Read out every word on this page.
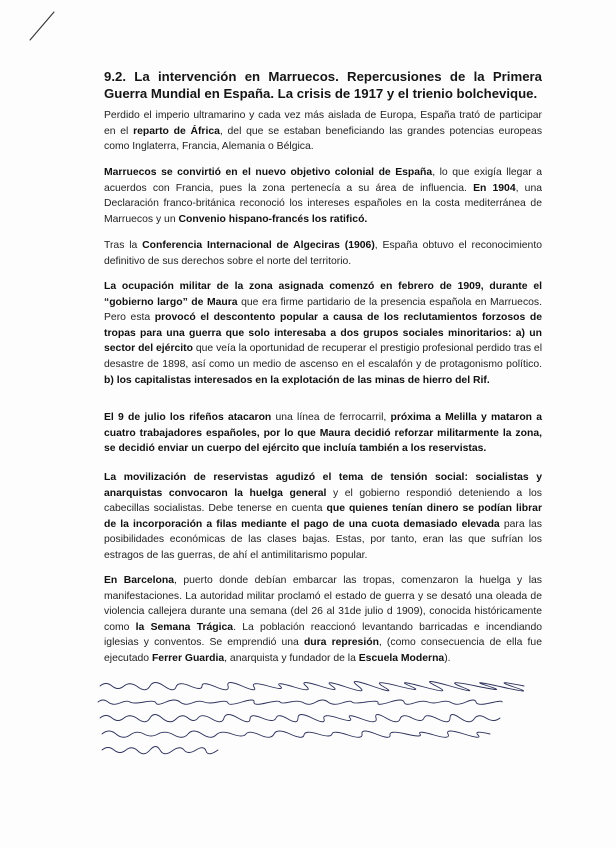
9.2. La intervención en Marruecos. Repercusiones de la Primera Guerra Mundial en España. La crisis de 1917 y el trienio bolchevique.

Perdido el imperio ultramarino y cada vez más aislada de Europa, España trató de participar en el reparto de África, del que se estaban beneficiando las grandes potencias europeas como Inglaterra, Francia, Alemania o Bélgica.

Marruecos se convirtió en el nuevo objetivo colonial de España, lo que exigía llegar a acuerdos con Francia, pues la zona pertenecía a su área de influencia. En 1904, una Declaración franco-británica reconoció los intereses españoles en la costa mediterránea de Marruecos y un Convenio hispano-francés los ratificó.

Tras la Conferencia Internacional de Algeciras (1906), España obtuvo el reconocimiento definitivo de sus derechos sobre el norte del territorio.

La ocupación militar de la zona asignada comenzó en febrero de 1909, durante el “gobierno largo” de Maura que era firme partidario de la presencia española en Marruecos. Pero esta provocó el descontento popular a causa de los reclutamientos forzosos de tropas para una guerra que solo interesaba a dos grupos sociales minoritarios: a) un sector del ejército que veía la oportunidad de recuperar el prestigio profesional perdido tras el desastre de 1898, así como un medio de ascenso en el escalafón y de protagonismo político. b) los capitalistas interesados en la explotación de las minas de hierro del Rif.

El 9 de julio los rifeños atacaron una línea de ferrocarril, próxima a Melilla y mataron a cuatro trabajadores españoles, por lo que Maura decidió reforzar militarmente la zona, se decidió enviar un cuerpo del ejército que incluía también a los reservistas.

La movilización de reservistas agudizó el tema de tensión social: socialistas y anarquistas convocaron la huelga general y el gobierno respondió deteniendo a los cabecillas socialistas. Debe tenerse en cuenta que quienes tenían dinero se podían librar de la incorporación a filas mediante el pago de una cuota demasiado elevada para las posibilidades económicas de las clases bajas. Estas, por tanto, eran las que sufrían los estragos de las guerras, de ahí el antimilitarismo popular.

En Barcelona, puerto donde debían embarcar las tropas, comenzaron la huelga y las manifestaciones. La autoridad militar proclamó el estado de guerra y se desató una oleada de violencia callejera durante una semana (del 26 al 31de julio d 1909), conocida históricamente como la Semana Trágica. La población reaccionó levantando barricadas e incendiando iglesias y conventos. Se emprendió una dura represión, (como consecuencia de ella fue ejecutado Ferrer Guardia, anarquista y fundador de la Escuela Moderna).
